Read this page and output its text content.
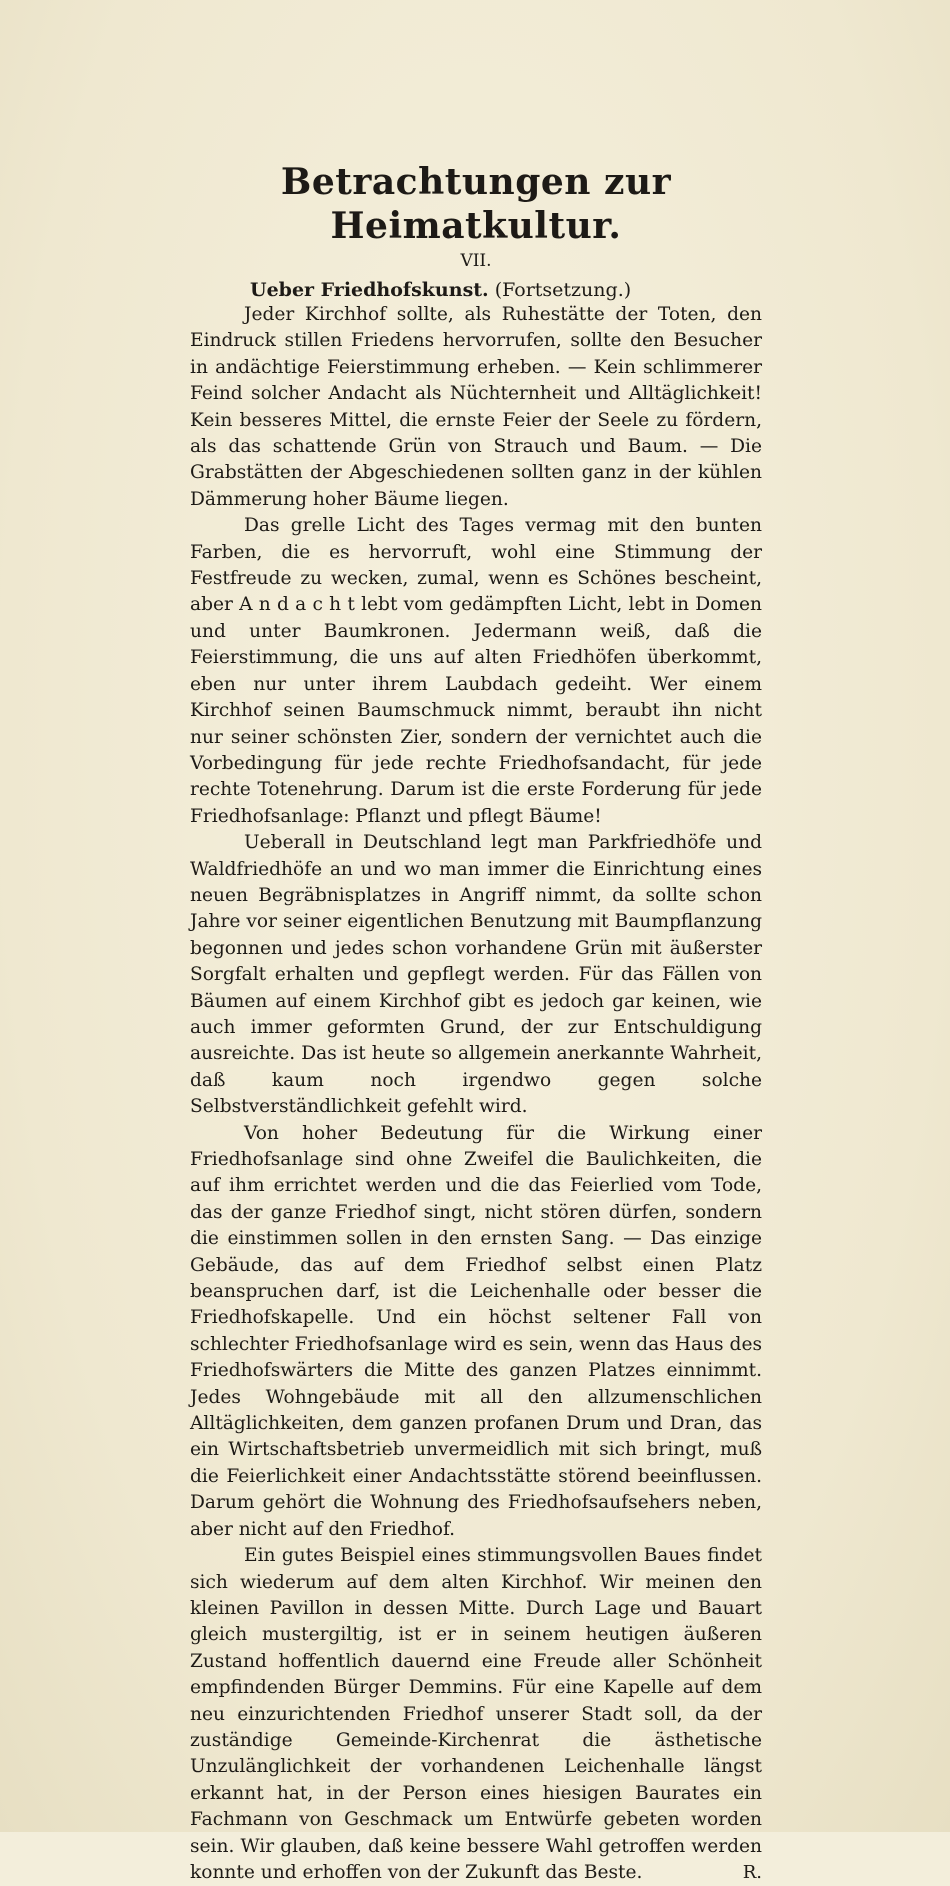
Betrachtungen zur Heimatkultur.
VII.
Ueber Friedhofskunst. (Fortsetzung.)

Jeder Kirchhof sollte, als Ruhestätte der Toten, den Eindruck stillen Friedens hervorrufen, sollte den Besucher in andächtige Feierstimmung erheben. — Kein schlimmerer Feind solcher Andacht als Nüchternheit und Alltäglichkeit! Kein besseres Mittel, die ernste Feier der Seele zu fördern, als das schattende Grün von Strauch und Baum. — Die Grabstätten der Abgeschiedenen sollten ganz in der kühlen Dämmerung hoher Bäume liegen.

Das grelle Licht des Tages vermag mit den bunten Farben, die es hervorruft, wohl eine Stimmung der Festfreude zu wecken, zumal, wenn es Schönes bescheint, aber A n d a c h t lebt vom gedämpften Licht, lebt in Domen und unter Baumkronen. Jedermann weiß, daß die Feierstimmung, die uns auf alten Friedhöfen überkommt, eben nur unter ihrem Laubdach gedeiht. Wer einem Kirchhof seinen Baumschmuck nimmt, beraubt ihn nicht nur seiner schönsten Zier, sondern der vernichtet auch die Vorbedingung für jede rechte Friedhofsandacht, für jede rechte Totenehrung. Darum ist die erste Forderung für jede Friedhofsanlage: Pflanzt und pflegt Bäume!

Ueberall in Deutschland legt man Parkfriedhöfe und Waldfriedhöfe an und wo man immer die Einrichtung eines neuen Begräbnisplatzes in Angriff nimmt, da sollte schon Jahre vor seiner eigentlichen Benutzung mit Baumpflanzung begonnen und jedes schon vorhandene Grün mit äußerster Sorgfalt erhalten und gepflegt werden. Für das Fällen von Bäumen auf einem Kirchhof gibt es jedoch gar keinen, wie auch immer geformten Grund, der zur Entschuldigung ausreichte. Das ist heute so allgemein anerkannte Wahrheit, daß kaum noch irgendwo gegen solche Selbstverständlichkeit gefehlt wird.

Von hoher Bedeutung für die Wirkung einer Friedhofsanlage sind ohne Zweifel die Baulichkeiten, die auf ihm errichtet werden und die das Feierlied vom Tode, das der ganze Friedhof singt, nicht stören dürfen, sondern die einstimmen sollen in den ernsten Sang. — Das einzige Gebäude, das auf dem Friedhof selbst einen Platz beanspruchen darf, ist die Leichenhalle oder besser die Friedhofskapelle. Und ein höchst seltener Fall von schlechter Friedhofsanlage wird es sein, wenn das Haus des Friedhofswärters die Mitte des ganzen Platzes einnimmt. Jedes Wohngebäude mit all den allzumenschlichen Alltäglichkeiten, dem ganzen profanen Drum und Dran, das ein Wirtschaftsbetrieb unvermeidlich mit sich bringt, muß die Feierlichkeit einer Andachtsstätte störend beeinflussen. Darum gehört die Wohnung des Friedhofsaufsehers neben, aber nicht auf den Friedhof.

Ein gutes Beispiel eines stimmungsvollen Baues findet sich wiederum auf dem alten Kirchhof. Wir meinen den kleinen Pavillon in dessen Mitte. Durch Lage und Bauart gleich mustergiltig, ist er in seinem heutigen äußeren Zustand hoffentlich dauernd eine Freude aller Schönheit empfindenden Bürger Demmins. Für eine Kapelle auf dem neu einzurichtenden Friedhof unserer Stadt soll, da der zuständige Gemeinde-Kirchenrat die ästhetische Unzulänglichkeit der vorhandenen Leichenhalle längst erkannt hat, in der Person eines hiesigen Baurates ein Fachmann von Geschmack um Entwürfe gebeten worden sein. Wir glauben, daß keine bessere Wahl getroffen werden konnte und erhoffen von der Zukunft das Beste.	R.
